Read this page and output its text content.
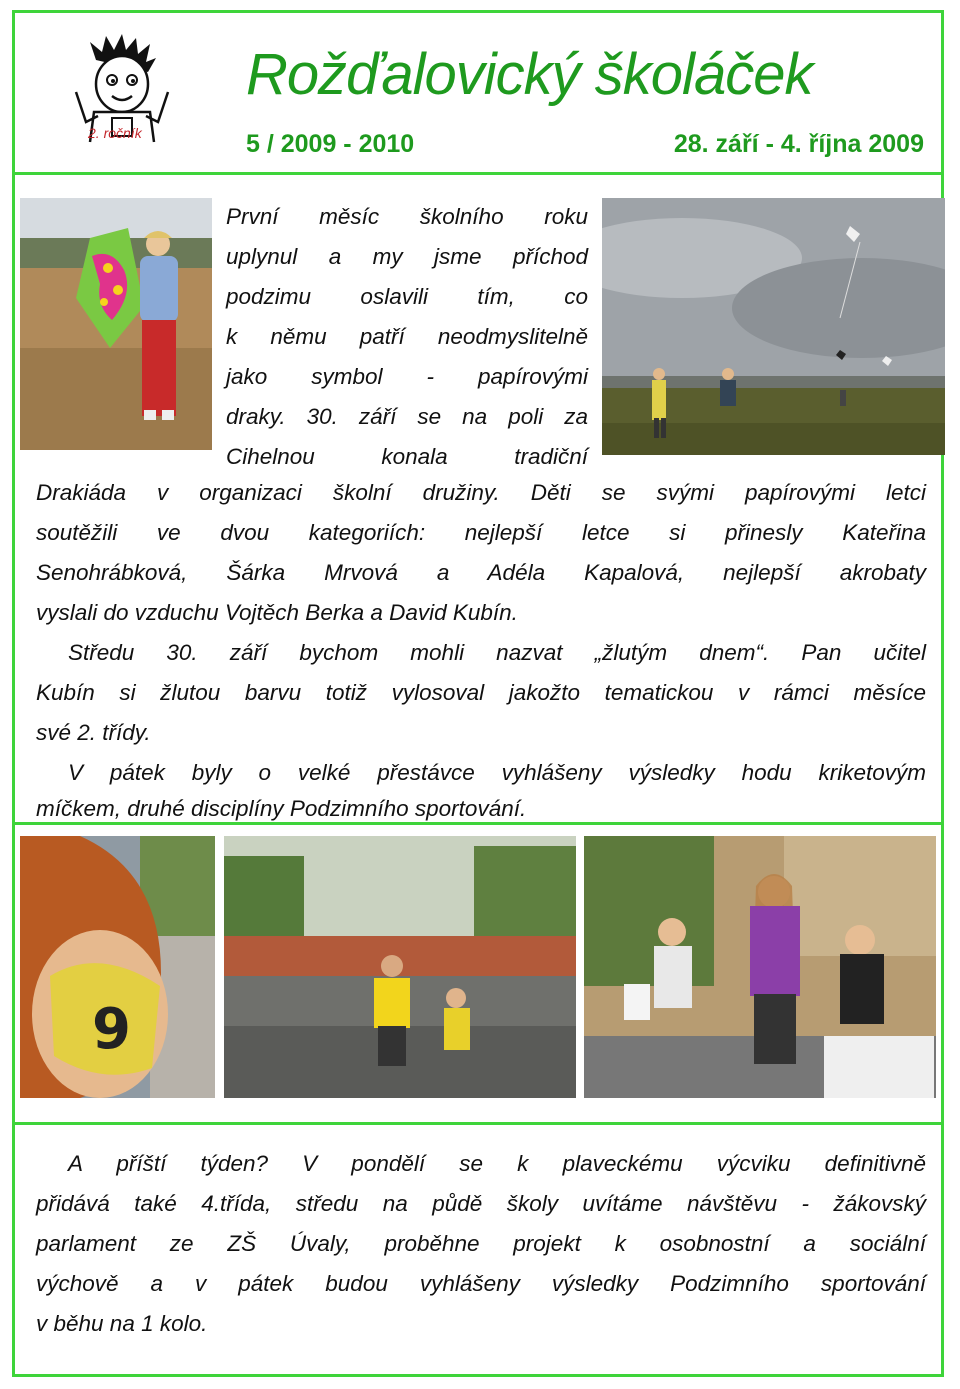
2. ročník
Rožďalovický školáček
5 / 2009 - 2010	28. září - 4. října 2009
První měsíc školního roku
uplynul a my jsme příchod
podzimu oslavili tím, co
k němu patří neodmyslitelně
jako symbol - papírovými
draky. 30. září se na poli za
Cihelnou konala tradiční
Drakiáda v organizaci školní družiny. Děti se svými papírovými letci
soutěžili ve dvou kategoriích: nejlepší letce si přinesly Kateřina
Senohrábková, Šárka Mrvová a Adéla Kapalová, nejlepší akrobaty
vyslali do vzduchu Vojtěch Berka a David Kubín.
Středu 30. září bychom mohli nazvat „žlutým dnem“. Pan učitel
Kubín si žlutou barvu totiž vylosoval jakožto tematickou v rámci měsíce
své 2. třídy.
V pátek byly o velké přestávce vyhlášeny výsledky hodu kriketovým
míčkem, druhé disciplíny Podzimního sportování.
9
A příští týden? V pondělí se k plaveckému výcviku definitivně
přidává také 4.třída, středu na půdě školy uvítáme návštěvu - žákovský
parlament ze ZŠ Úvaly, proběhne projekt k osobnostní a sociální
výchově a v pátek budou vyhlášeny výsledky Podzimního sportování
v běhu na 1 kolo.
